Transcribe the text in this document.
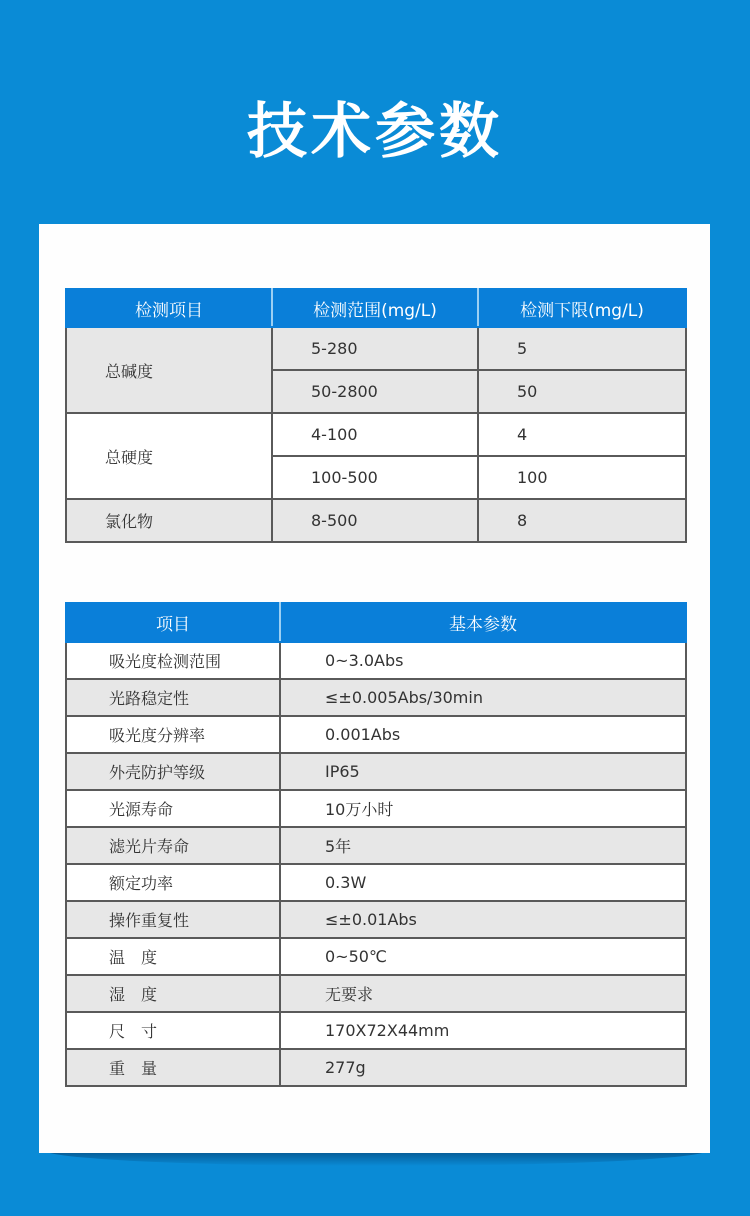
技术参数
检测项目	检测范围(mg/L)	检测下限(mg/L)
总碱度	5-280	5
	50-2800	50
总硬度	4-100	4
	100-500	100
氯化物	8-500	8
项目	基本参数
吸光度检测范围	0~3.0Abs
光路稳定性	≤±0.005Abs/30min
吸光度分辨率	0.001Abs
外壳防护等级	IP65
光源寿命	10万小时
滤光片寿命	5年
额定功率	0.3W
操作重复性	≤±0.01Abs
温　度	0~50℃
湿　度	无要求
尺　寸	170X72X44mm
重　量	277g
